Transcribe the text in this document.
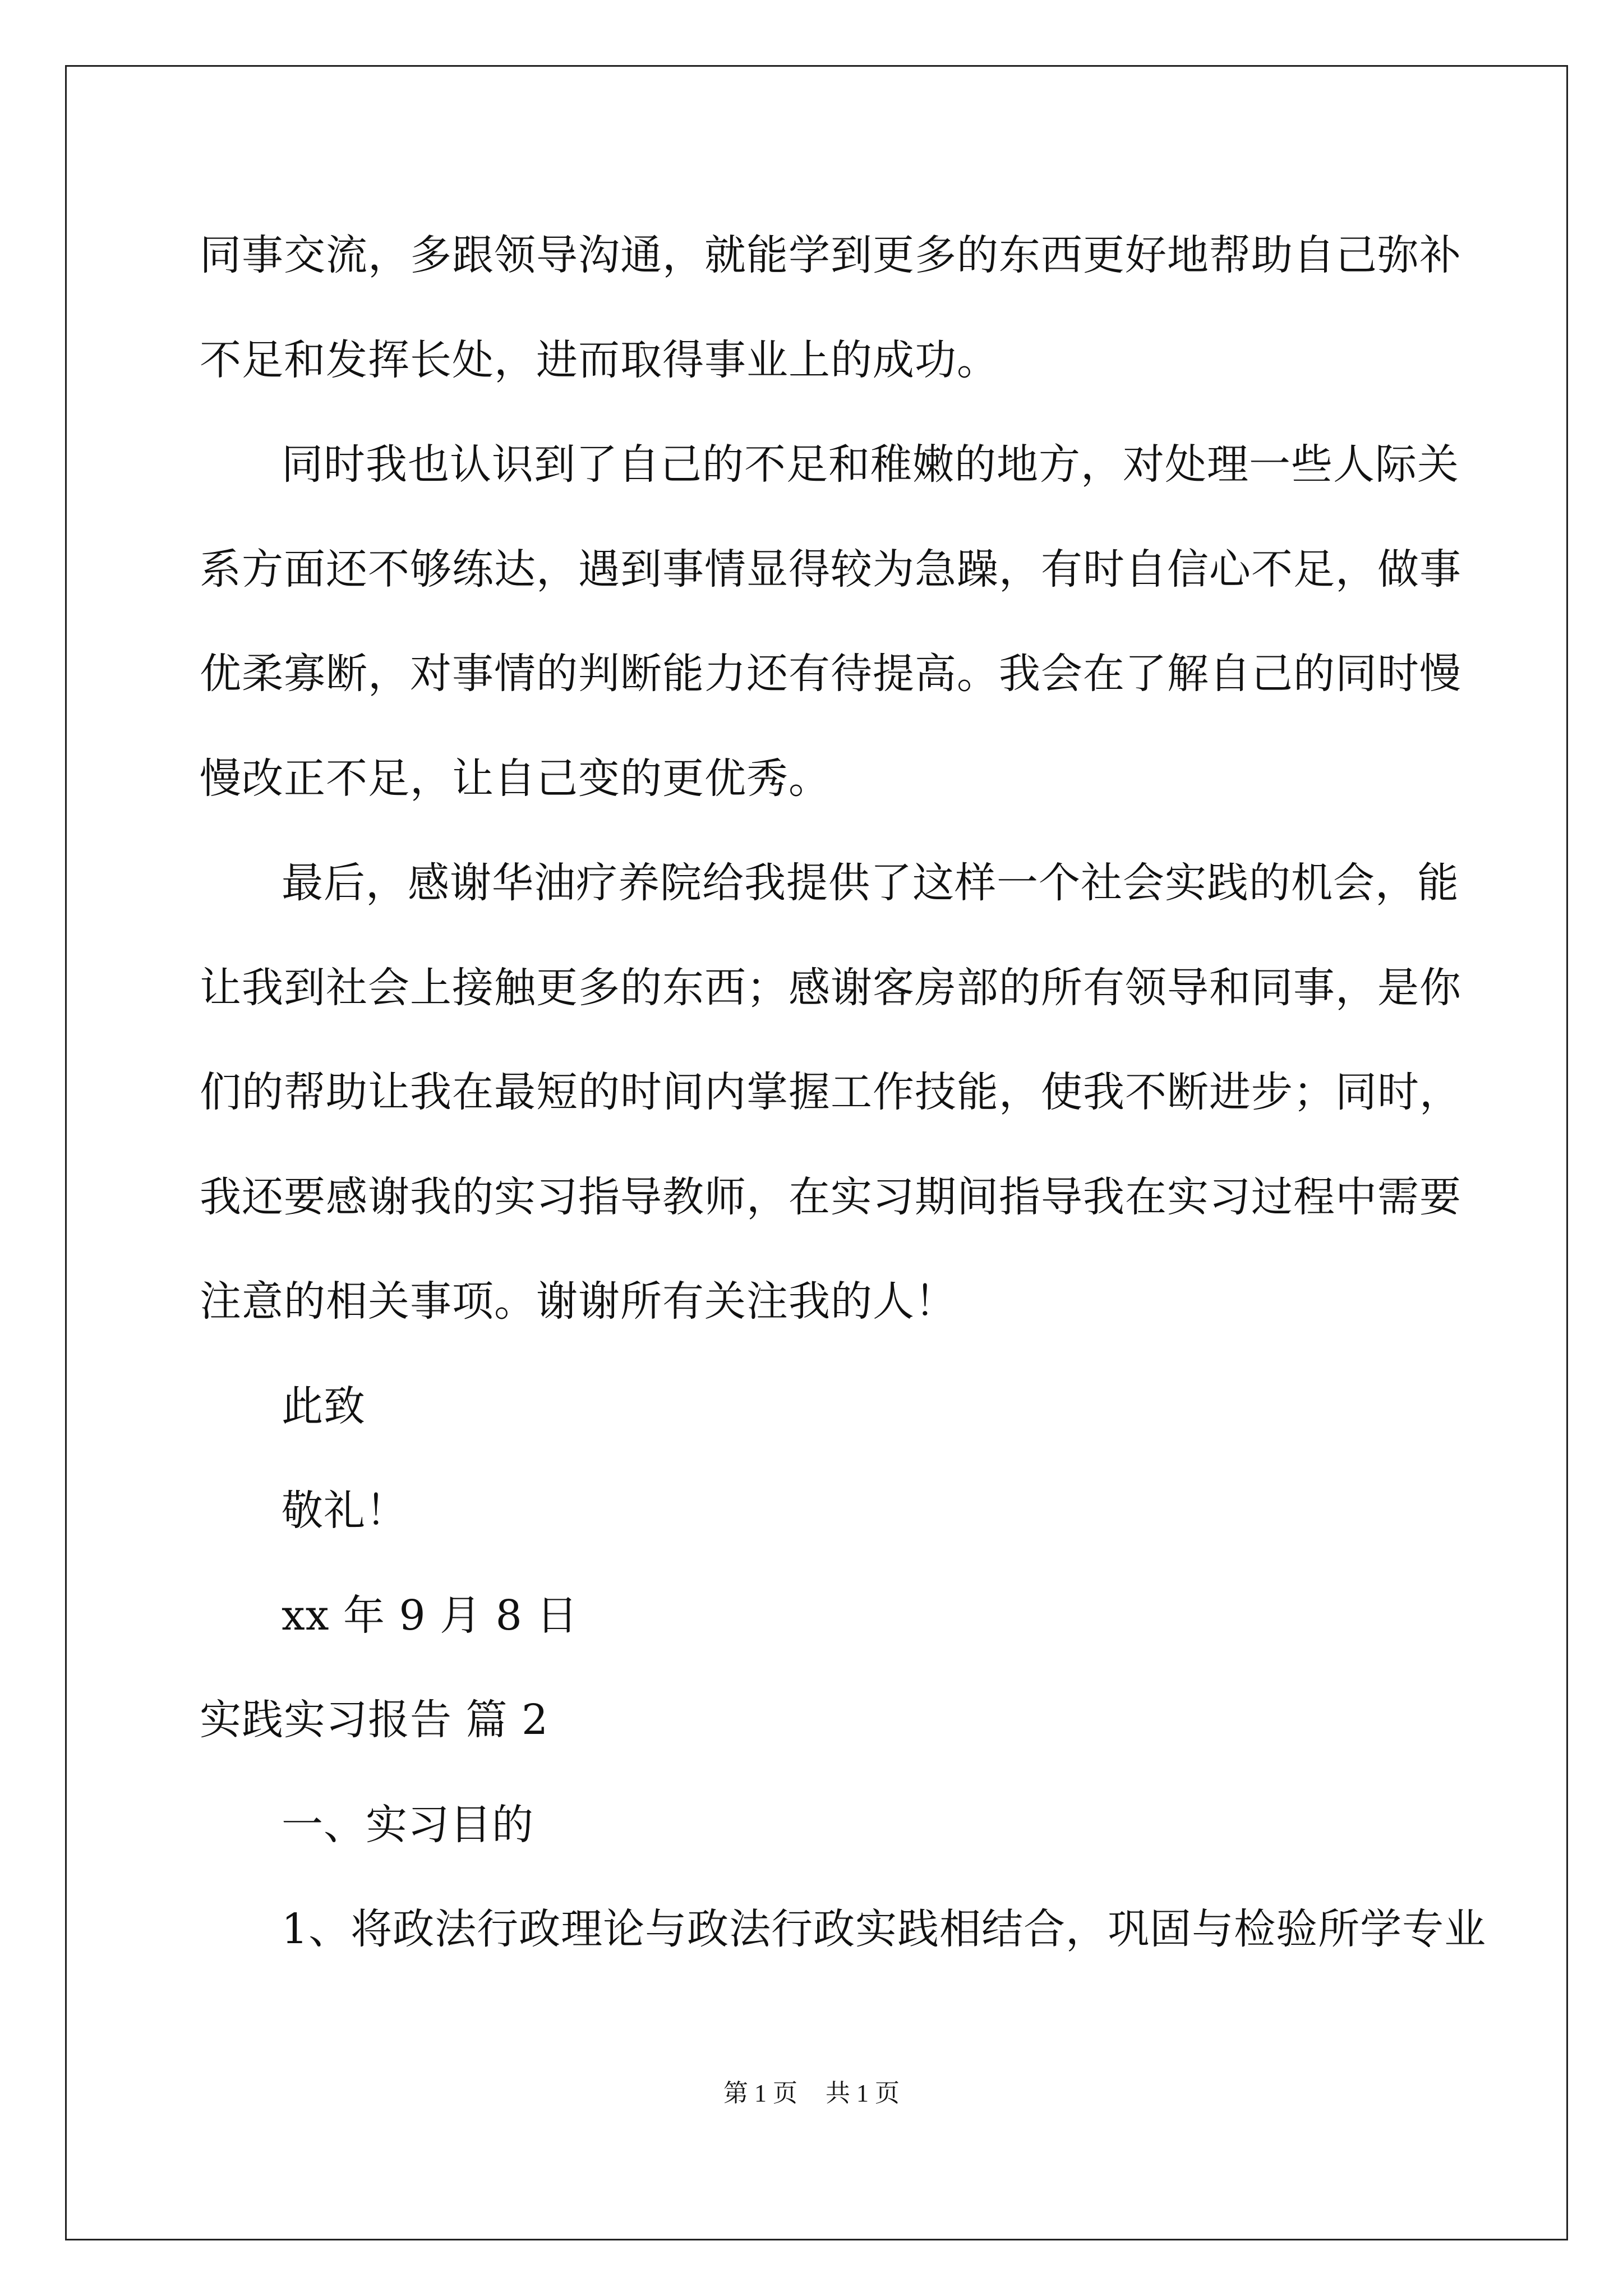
同事交流，多跟领导沟通，就能学到更多的东西更好地帮助自己弥补
不足和发挥长处，进而取得事业上的成功。
同时我也认识到了自己的不足和稚嫩的地方，对处理一些人际关
系方面还不够练达，遇到事情显得较为急躁，有时自信心不足，做事
优柔寡断，对事情的判断能力还有待提高。我会在了解自己的同时慢
慢改正不足，让自己变的更优秀。
最后，感谢华油疗养院给我提供了这样一个社会实践的机会，能
让我到社会上接触更多的东西；感谢客房部的所有领导和同事，是你
们的帮助让我在最短的时间内掌握工作技能，使我不断进步；同时，
我还要感谢我的实习指导教师，在实习期间指导我在实习过程中需要
注意的相关事项。谢谢所有关注我的人！
此致
敬礼！
xx 年 9 月 8 日
实践实习报告 篇 2
一、实习目的
1、将政法行政理论与政法行政实践相结合，巩固与检验所学专业
第 1 页 共 1 页
